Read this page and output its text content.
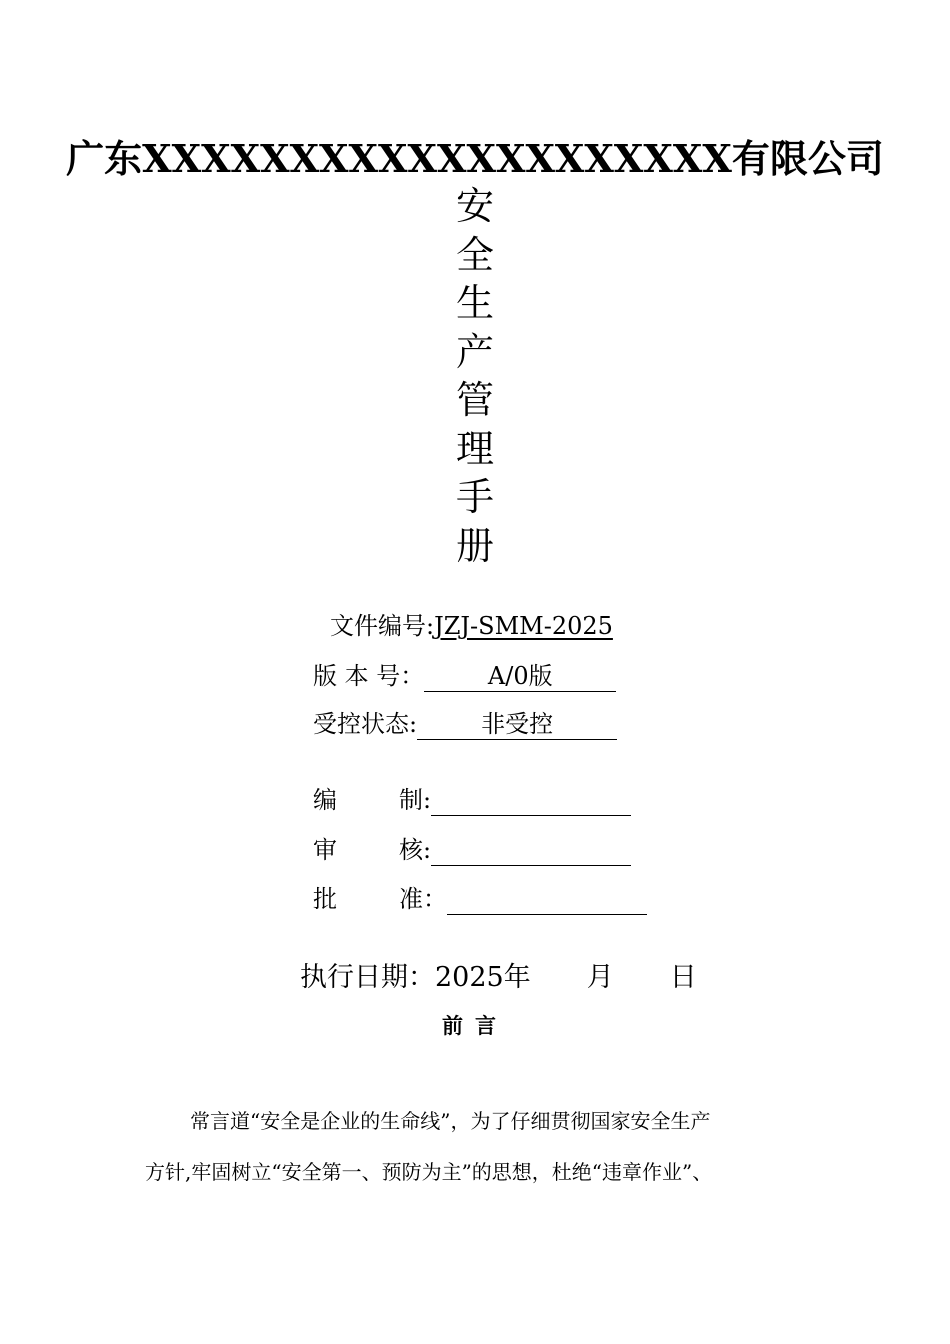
广东XXXXXXXXXXXXXXXXXXXX有限公司
安
全
生
产
管
理
手
册
文件编号:JZJ-SMM-2025
版 本 号：	A/0版
受控状态:	非受控
编	制:
审	核:
批	准：
执行日期：2025年 月 日
前言
常言道“安全是企业的生命线”，为了仔细贯彻国家安全生产
方针,牢固树立“安全第一、预防为主”的思想，杜绝“违章作业”、
